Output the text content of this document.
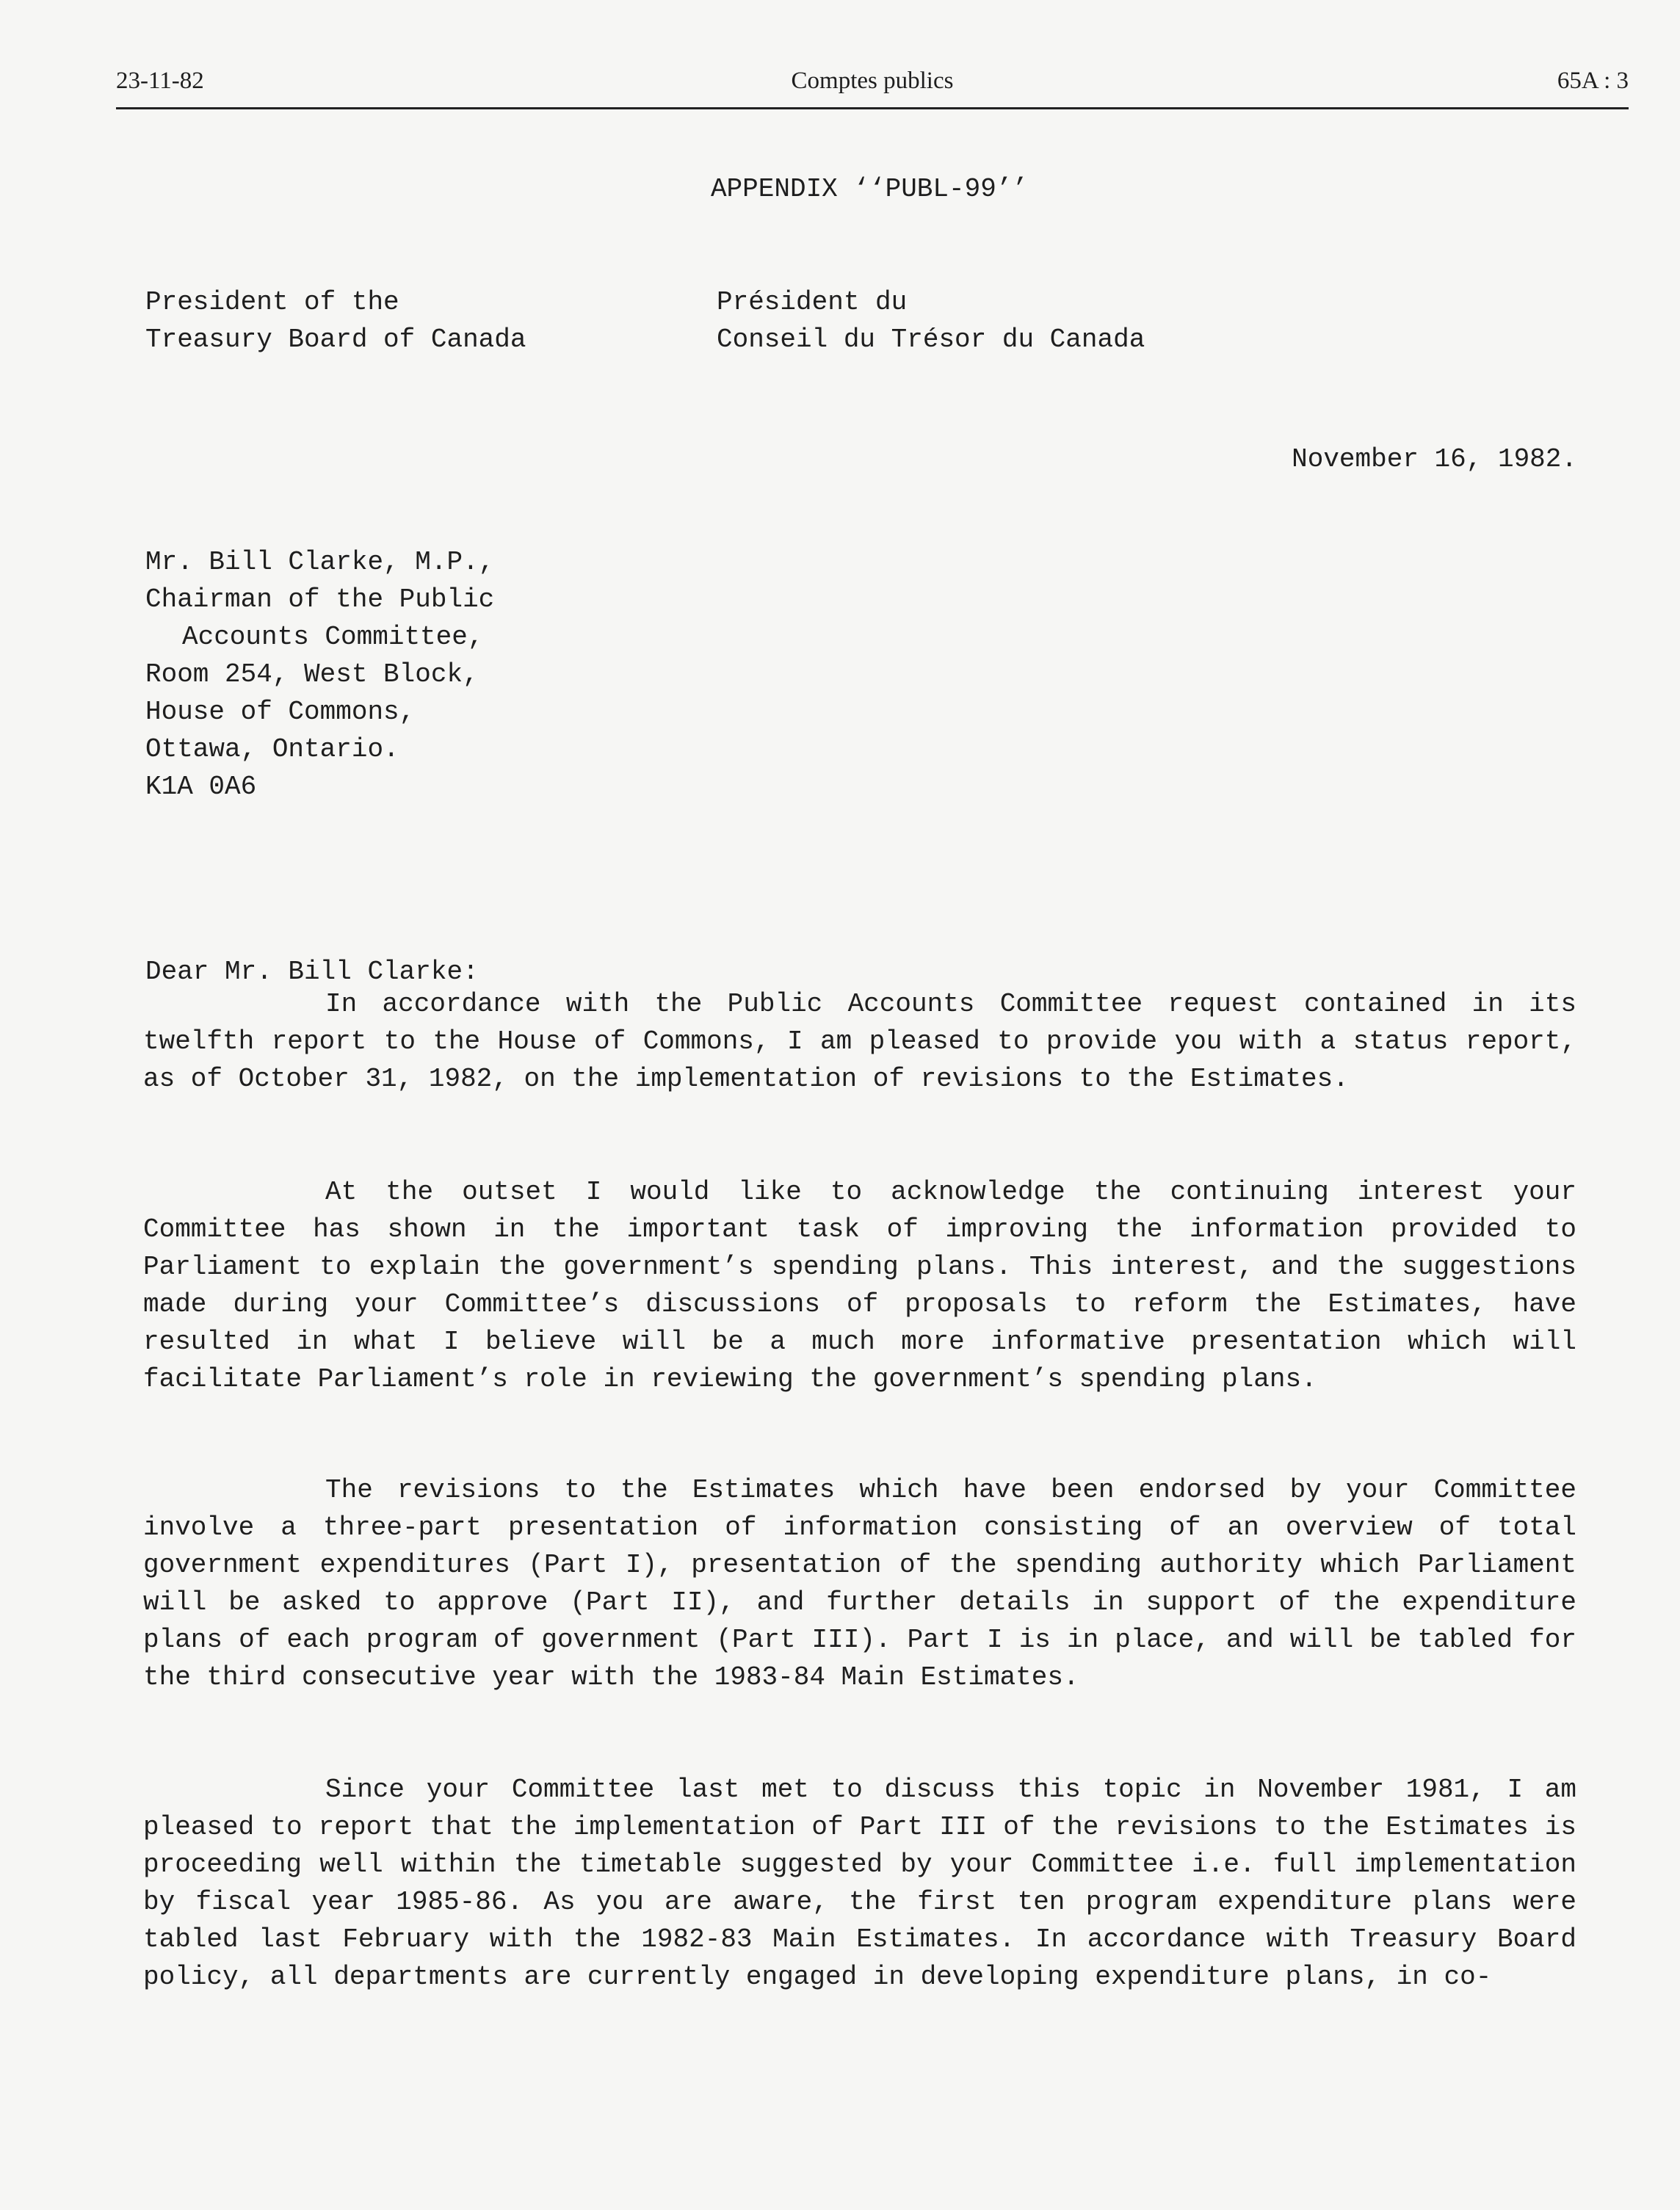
23-11-82	Comptes publics	65A : 3
APPENDIX ‘‘PUBL-99’’
President of the
Treasury Board of Canada
Président du
Conseil du Trésor du Canada
November 16, 1982.
Mr. Bill Clarke, M.P.,
Chairman of the Public
Accounts Committee,
Room 254, West Block,
House of Commons,
Ottawa, Ontario.
K1A 0A6
Dear Mr. Bill Clarke:

In accordance with the Public Accounts Committee request contained in its twelfth report to the House of Commons, I am pleased to provide you with a status report, as of October 31, 1982, on the implementation of revisions to the Estimates.

At the outset I would like to acknowledge the continuing interest your Committee has shown in the important task of improving the information provided to Parliament to explain the government’s spending plans. This interest, and the suggestions made during your Committee’s discussions of proposals to reform the Estimates, have resulted in what I believe will be a much more informative presentation which will facilitate Parliament’s role in reviewing the government’s spending plans.

The revisions to the Estimates which have been endorsed by your Committee involve a three-part presentation of information consisting of an overview of total government expenditures (Part I), presentation of the spending authority which Parliament will be asked to approve (Part II), and further details in support of the expenditure plans of each program of government (Part III). Part I is in place, and will be tabled for the third consecutive year with the 1983-84 Main Estimates.

Since your Committee last met to discuss this topic in November 1981, I am pleased to report that the implementation of Part III of the revisions to the Estimates is proceeding well within the timetable suggested by your Committee i.e. full implementation by fiscal year 1985-86. As you are aware, the first ten program expenditure plans were tabled last February with the 1982-83 Main Estimates. In accordance with Treasury Board policy, all departments are currently engaged in developing expenditure plans, in co-
